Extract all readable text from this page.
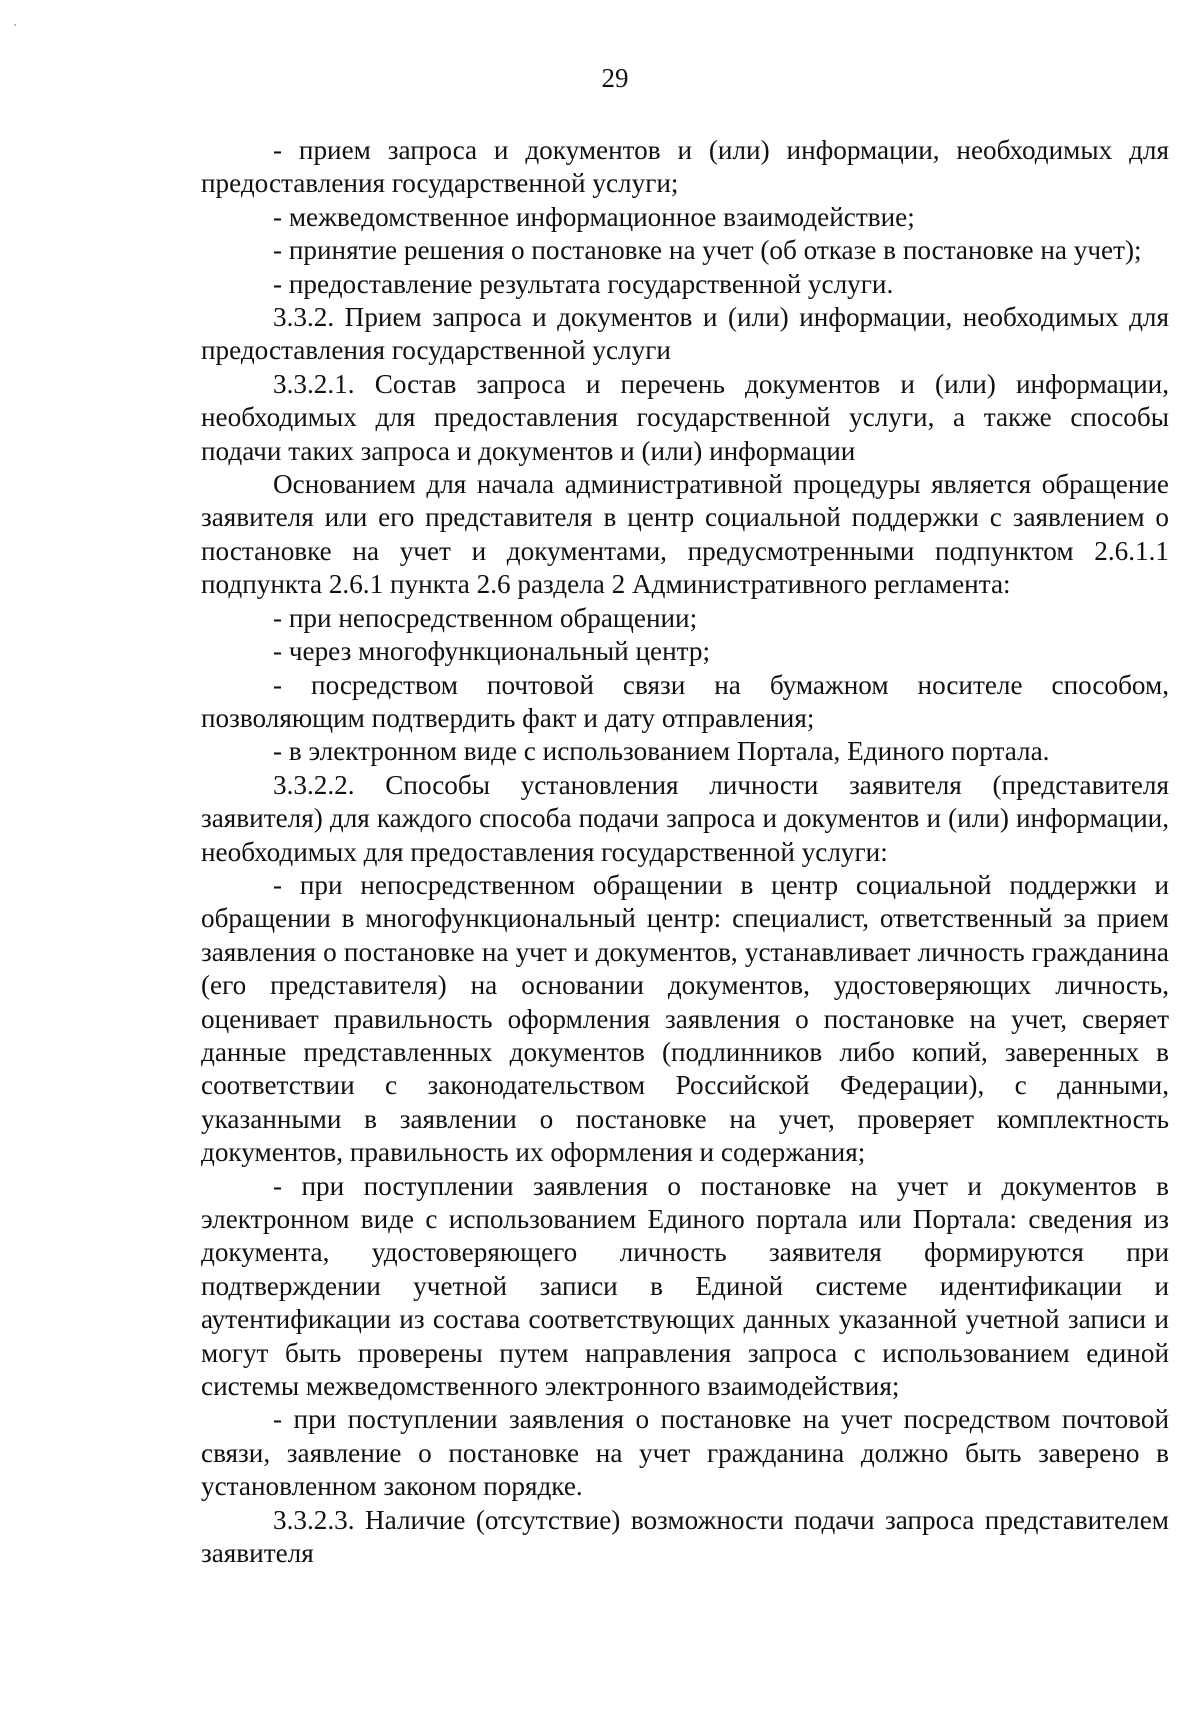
29

- прием запроса и документов и (или) информации, необходимых для предоставления государственной услуги;

- межведомственное информационное взаимодействие;

- принятие решения о постановке на учет (об отказе в постановке на учет);

- предоставление результата государственной услуги.

3.3.2. Прием запроса и документов и (или) информации, необходимых для предоставления государственной услуги

3.3.2.1. Состав запроса и перечень документов и (или) информации, необходимых для предоставления государственной услуги, а также способы подачи таких запроса и документов и (или) информации

Основанием для начала административной процедуры является обращение заявителя или его представителя в центр социальной поддержки с заявлением о постановке на учет и документами, предусмотренными подпунктом 2.6.1.1 подпункта 2.6.1 пункта 2.6 раздела 2 Административного регламента:

- при непосредственном обращении;

- через многофункциональный центр;

- посредством почтовой связи на бумажном носителе способом, позволяющим подтвердить факт и дату отправления;

- в электронном виде с использованием Портала, Единого портала.

3.3.2.2. Способы установления личности заявителя (представителя заявителя) для каждого способа подачи запроса и документов и (или) информации, необходимых для предоставления государственной услуги:

- при непосредственном обращении в центр социальной поддержки и обращении в многофункциональный центр: специалист, ответственный за прием заявления о постановке на учет и документов, устанавливает личность гражданина (его представителя) на основании документов, удостоверяющих личность, оценивает правильность оформления заявления о постановке на учет, сверяет данные представленных документов (подлинников либо копий, заверенных в соответствии с законодательством Российской Федерации), с данными, указанными в заявлении о постановке на учет, проверяет комплектность документов, правильность их оформления и содержания;

- при поступлении заявления о постановке на учет и документов в электронном виде с использованием Единого портала или Портала: сведения из документа, удостоверяющего личность заявителя формируются при подтверждении учетной записи в Единой системе идентификации и аутентификации из состава соответствующих данных указанной учетной записи и могут быть проверены путем направления запроса с использованием единой системы межведомственного электронного взаимодействия;

- при поступлении заявления о постановке на учет посредством почтовой связи, заявление о постановке на учет гражданина должно быть заверено в установленном законом порядке.

3.3.2.3. Наличие (отсутствие) возможности подачи запроса представителем заявителя
